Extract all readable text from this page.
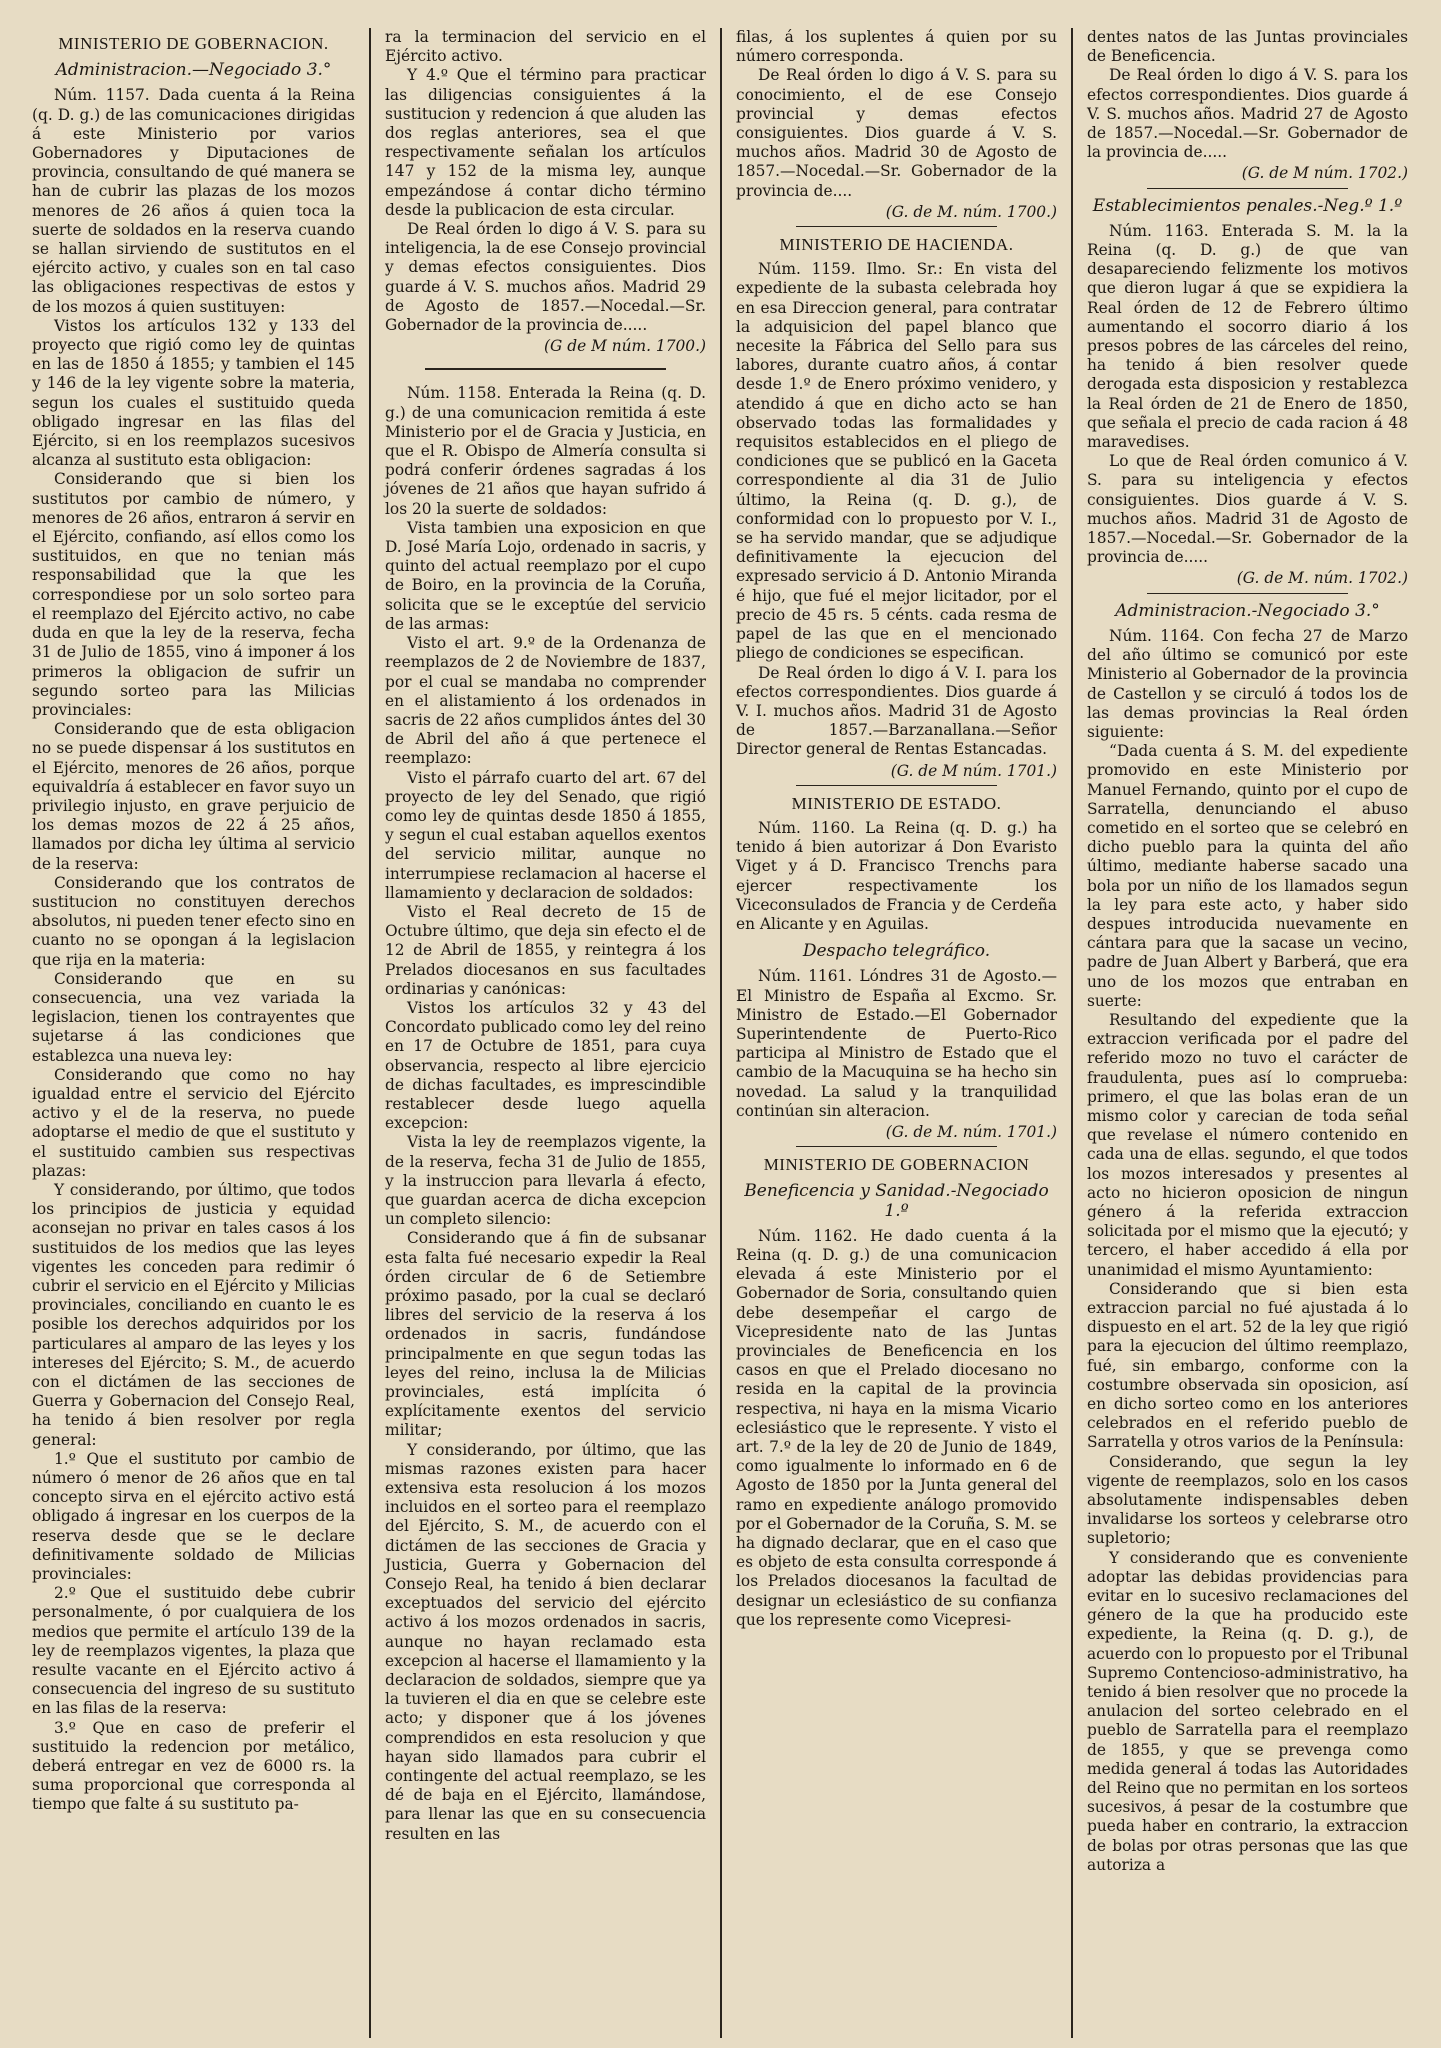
MINISTERIO DE GOBERNACION.
Administracion.—Negociado 3.°

Núm. 1157. Dada cuenta á la Reina (q. D. g.) de las comunicaciones dirigidas á este Ministerio por varios Gobernadores y Diputaciones de provincia, consultando de qué manera se han de cubrir las plazas de los mozos menores de 26 años á quien toca la suerte de soldados en la reserva cuando se hallan sirviendo de sustitutos en el ejército activo, y cuales son en tal caso las obligaciones respectivas de estos y de los mozos á quien sustituyen:

Vistos los artículos 132 y 133 del proyecto que rigió como ley de quintas en las de 1850 á 1855; y tambien el 145 y 146 de la ley vigente sobre la materia, segun los cuales el sustituido queda obligado ingresar en las filas del Ejército, si en los reemplazos sucesivos alcanza al sustituto esta obligacion:

Considerando que si bien los sustitutos por cambio de número, y menores de 26 años, entraron á servir en el Ejército, confiando, así ellos como los sustituidos, en que no tenian más responsabilidad que la que les correspondiese por un solo sorteo para el reemplazo del Ejército activo, no cabe duda en que la ley de la reserva, fecha 31 de Julio de 1855, vino á imponer á los primeros la obligacion de sufrir un segundo sorteo para las Milicias provinciales:

Considerando que de esta obligacion no se puede dispensar á los sustitutos en el Ejército, menores de 26 años, porque equivaldría á establecer en favor suyo un privilegio injusto, en grave perjuicio de los demas mozos de 22 á 25 años, llamados por dicha ley última al servicio de la reserva:

Considerando que los contratos de sustitucion no constituyen derechos absolutos, ni pueden tener efecto sino en cuanto no se opongan á la legislacion que rija en la materia:

Considerando que en su consecuencia, una vez variada la legislacion, tienen los contrayentes que sujetarse á las condiciones que establezca una nueva ley:

Considerando que como no hay igualdad entre el servicio del Ejército activo y el de la reserva, no puede adoptarse el medio de que el sustituto y el sustituido cambien sus respectivas plazas:

Y considerando, por último, que todos los principios de justicia y equidad aconsejan no privar en tales casos á los sustituidos de los medios que las leyes vigentes les conceden para redimir ó cubrir el servicio en el Ejército y Milicias provinciales, conciliando en cuanto le es posible los derechos adquiridos por los particulares al amparo de las leyes y los intereses del Ejército; S. M., de acuerdo con el dictámen de las secciones de Guerra y Gobernacion del Consejo Real, ha tenido á bien resolver por regla general:

1.º Que el sustituto por cambio de número ó menor de 26 años que en tal concepto sirva en el ejército activo está obligado á ingresar en los cuerpos de la reserva desde que se le declare definitivamente soldado de Milicias provinciales:

2.º Que el sustituido debe cubrir personalmente, ó por cualquiera de los medios que permite el artículo 139 de la ley de reemplazos vigentes, la plaza que resulte vacante en el Ejército activo á consecuencia del ingreso de su sustituto en las filas de la reserva:

3.º Que en caso de preferir el sustituido la redencion por metálico, deberá entregar en vez de 6000 rs. la suma proporcional que corresponda al tiempo que falte á su sustituto pa-

ra la terminacion del servicio en el Ejército activo.

Y 4.º Que el término para practicar las diligencias consiguientes á la sustitucion y redencion á que aluden las dos reglas anteriores, sea el que respectivamente señalan los artículos 147 y 152 de la misma ley, aunque empezándose á contar dicho término desde la publicacion de esta circular.

De Real órden lo digo á V. S. para su inteligencia, la de ese Consejo provincial y demas efectos consiguientes. Dios guarde á V. S. muchos años. Madrid 29 de Agosto de 1857.—Nocedal.—Sr. Gobernador de la provincia de.....

(G de M núm. 1700.)

Núm. 1158. Enterada la Reina (q. D. g.) de una comunicacion remitida á este Ministerio por el de Gracia y Justicia, en que el R. Obispo de Almería consulta si podrá conferir órdenes sagradas á los jóvenes de 21 años que hayan sufrido á los 20 la suerte de soldados:

Vista tambien una exposicion en que D. José María Lojo, ordenado in sacris, y quinto del actual reemplazo por el cupo de Boiro, en la provincia de la Coruña, solicita que se le exceptúe del servicio de las armas:

Visto el art. 9.º de la Ordenanza de reemplazos de 2 de Noviembre de 1837, por el cual se mandaba no comprender en el alistamiento á los ordenados in sacris de 22 años cumplidos ántes del 30 de Abril del año á que pertenece el reemplazo:

Visto el párrafo cuarto del art. 67 del proyecto de ley del Senado, que rigió como ley de quintas desde 1850 á 1855, y segun el cual estaban aquellos exentos del servicio militar, aunque no interrumpiese reclamacion al hacerse el llamamiento y declaracion de soldados:

Visto el Real decreto de 15 de Octubre último, que deja sin efecto el de 12 de Abril de 1855, y reintegra á los Prelados diocesanos en sus facultades ordinarias y canónicas:

Vistos los artículos 32 y 43 del Concordato publicado como ley del reino en 17 de Octubre de 1851, para cuya observancia, respecto al libre ejercicio de dichas facultades, es imprescindible restablecer desde luego aquella excepcion:

Vista la ley de reemplazos vigente, la de la reserva, fecha 31 de Julio de 1855, y la instruccion para llevarla á efecto, que guardan acerca de dicha excepcion un completo silencio:

Considerando que á fin de subsanar esta falta fué necesario expedir la Real órden circular de 6 de Setiembre próximo pasado, por la cual se declaró libres del servicio de la reserva á los ordenados in sacris, fundándose principalmente en que segun todas las leyes del reino, inclusa la de Milicias provinciales, está implícita ó explícitamente exentos del servicio militar;

Y considerando, por último, que las mismas razones existen para hacer extensiva esta resolucion á los mozos incluidos en el sorteo para el reemplazo del Ejército, S. M., de acuerdo con el dictámen de las secciones de Gracia y Justicia, Guerra y Gobernacion del Consejo Real, ha tenido á bien declarar exceptuados del servicio del ejército activo á los mozos ordenados in sacris, aunque no hayan reclamado esta excepcion al hacerse el llamamiento y la declaracion de soldados, siempre que ya la tuvieren el dia en que se celebre este acto; y disponer que á los jóvenes comprendidos en esta resolucion y que hayan sido llamados para cubrir el contingente del actual reemplazo, se les dé de baja en el Ejército, llamándose, para llenar las que en su consecuencia resulten en las

filas, á los suplentes á quien por su número corresponda.

De Real órden lo digo á V. S. para su conocimiento, el de ese Consejo provincial y demas efectos consiguientes. Dios guarde á V. S. muchos años. Madrid 30 de Agosto de 1857.—Nocedal.—Sr. Gobernador de la provincia de....

(G. de M. núm. 1700.)
MINISTERIO DE HACIENDA.

Núm. 1159. Ilmo. Sr.: En vista del expediente de la subasta celebrada hoy en esa Direccion general, para contratar la adquisicion del papel blanco que necesite la Fábrica del Sello para sus labores, durante cuatro años, á contar desde 1.º de Enero próximo venidero, y atendido á que en dicho acto se han observado todas las formalidades y requisitos establecidos en el pliego de condiciones que se publicó en la Gaceta correspondiente al dia 31 de Julio último, la Reina (q. D. g.), de conformidad con lo propuesto por V. I., se ha servido mandar, que se adjudique definitivamente la ejecucion del expresado servicio á D. Antonio Miranda é hijo, que fué el mejor licitador, por el precio de 45 rs. 5 cénts. cada resma de papel de las que en el mencionado pliego de condiciones se especifican.

De Real órden lo digo á V. I. para los efectos correspondientes. Dios guarde á V. I. muchos años. Madrid 31 de Agosto de 1857.—Barzanallana.—Señor Director general de Rentas Estancadas.

(G. de M núm. 1701.)
MINISTERIO DE ESTADO.

Núm. 1160. La Reina (q. D. g.) ha tenido á bien autorizar á Don Evaristo Viget y á D. Francisco Trenchs para ejercer respectivamente los Viceconsulados de Francia y de Cerdeña en Alicante y en Aguilas.

Despacho telegráfico.

Núm. 1161. Lóndres 31 de Agosto.—El Ministro de España al Excmo. Sr. Ministro de Estado.—El Gobernador Superintendente de Puerto-Rico participa al Ministro de Estado que el cambio de la Macuquina se ha hecho sin novedad. La salud y la tranquilidad continúan sin alteracion.

(G. de M. núm. 1701.)
MINISTERIO DE GOBERNACION
Beneficencia y Sanidad.-Negociado 1.º

Núm. 1162. He dado cuenta á la Reina (q. D. g.) de una comunicacion elevada á este Ministerio por el Gobernador de Soria, consultando quien debe desempeñar el cargo de Vicepresidente nato de las Juntas provinciales de Beneficencia en los casos en que el Prelado diocesano no resida en la capital de la provincia respectiva, ni haya en la misma Vicario eclesiástico que le represente. Y visto el art. 7.º de la ley de 20 de Junio de 1849, como igualmente lo informado en 6 de Agosto de 1850 por la Junta general del ramo en expediente análogo promovido por el Gobernador de la Coruña, S. M. se ha dignado declarar, que en el caso que es objeto de esta consulta corresponde á los Prelados diocesanos la facultad de designar un eclesiástico de su confianza que los represente como Vicepresi-

dentes natos de las Juntas provinciales de Beneficencia.

De Real órden lo digo á V. S. para los efectos correspondientes. Dios guarde á V. S. muchos años. Madrid 27 de Agosto de 1857.—Nocedal.—Sr. Gobernador de la provincia de.....

(G. de M núm. 1702.)
Establecimientos penales.-Neg.º 1.º

Núm. 1163. Enterada S. M. la la Reina (q. D. g.) de que van desapareciendo felizmente los motivos que dieron lugar á que se expidiera la Real órden de 12 de Febrero último aumentando el socorro diario á los presos pobres de las cárceles del reino, ha tenido á bien resolver quede derogada esta disposicion y restablezca la Real órden de 21 de Enero de 1850, que señala el precio de cada racion á 48 maravedises.

Lo que de Real órden comunico á V. S. para su inteligencia y efectos consiguientes. Dios guarde á V. S. muchos años. Madrid 31 de Agosto de 1857.—Nocedal.—Sr. Gobernador de la provincia de.....

(G. de M. núm. 1702.)
Administracion.-Negociado 3.°

Núm. 1164. Con fecha 27 de Marzo del año último se comunicó por este Ministerio al Gobernador de la provincia de Castellon y se circuló á todos los de las demas provincias la Real órden siguiente:

“Dada cuenta á S. M. del expediente promovido en este Ministerio por Manuel Fernando, quinto por el cupo de Sarratella, denunciando el abuso cometido en el sorteo que se celebró en dicho pueblo para la quinta del año último, mediante haberse sacado una bola por un niño de los llamados segun la ley para este acto, y haber sido despues introducida nuevamente en cántara para que la sacase un vecino, padre de Juan Albert y Barberá, que era uno de los mozos que entraban en suerte:

Resultando del expediente que la extraccion verificada por el padre del referido mozo no tuvo el carácter de fraudulenta, pues así lo comprueba: primero, el que las bolas eran de un mismo color y carecian de toda señal que revelase el número contenido en cada una de ellas. segundo, el que todos los mozos interesados y presentes al acto no hicieron oposicion de ningun género á la referida extraccion solicitada por el mismo que la ejecutó; y tercero, el haber accedido á ella por unanimidad el mismo Ayuntamiento:

Considerando que si bien esta extraccion parcial no fué ajustada á lo dispuesto en el art. 52 de la ley que rigió para la ejecucion del último reemplazo, fué, sin embargo, conforme con la costumbre observada sin oposicion, así en dicho sorteo como en los anteriores celebrados en el referido pueblo de Sarratella y otros varios de la Península:

Considerando, que segun la ley vigente de reemplazos, solo en los casos absolutamente indispensables deben invalidarse los sorteos y celebrarse otro supletorio;

Y considerando que es conveniente adoptar las debidas providencias para evitar en lo sucesivo reclamaciones del género de la que ha producido este expediente, la Reina (q. D. g.), de acuerdo con lo propuesto por el Tribunal Supremo Contencioso-administrativo, ha tenido á bien resolver que no procede la anulacion del sorteo celebrado en el pueblo de Sarratella para el reemplazo de 1855, y que se prevenga como medida general á todas las Autoridades del Reino que no permitan en los sorteos sucesivos, á pesar de la costumbre que pueda haber en contrario, la extraccion de bolas por otras personas que las que autoriza a
